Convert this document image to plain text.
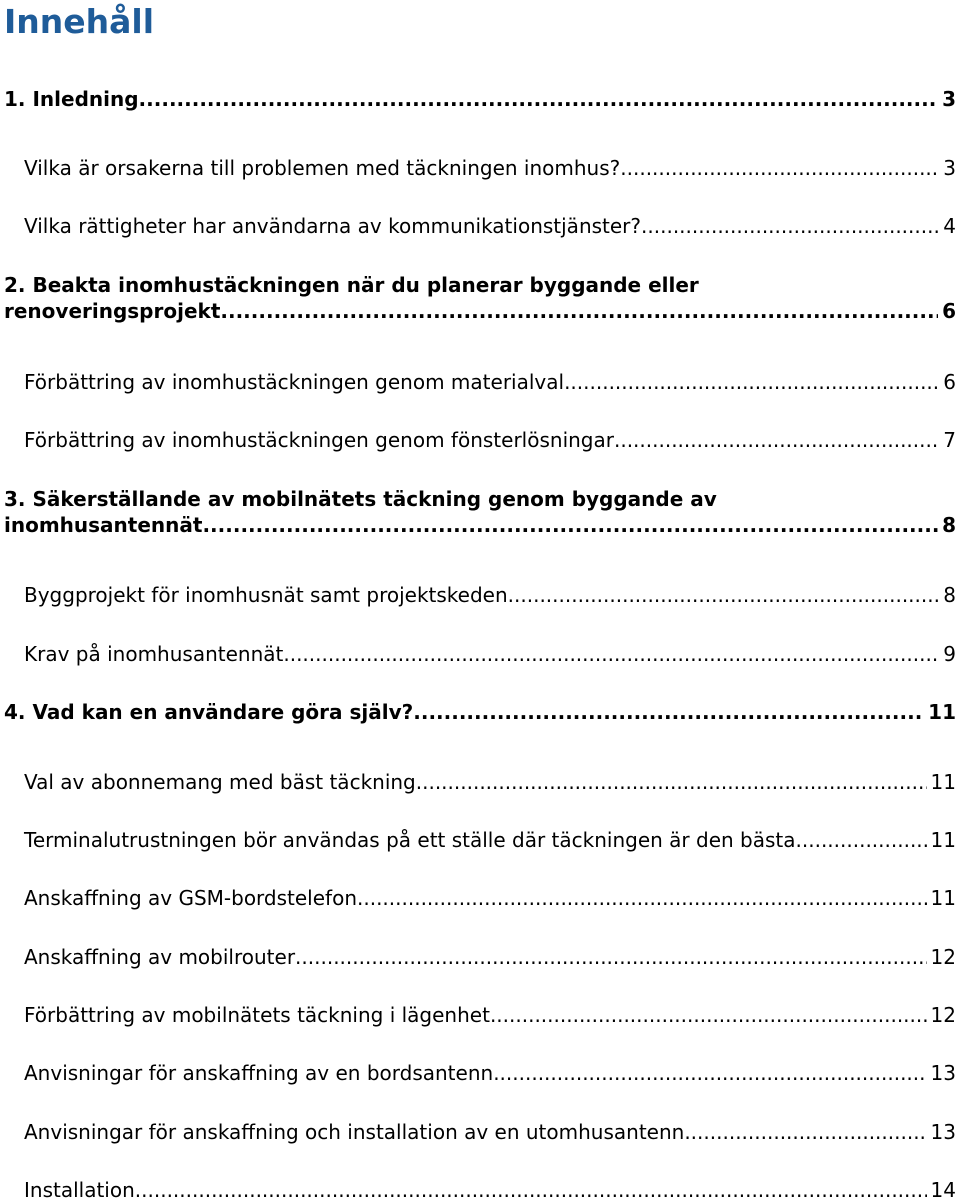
Innehåll
1. Inledning .....	3
Vilka är orsakerna till problemen med täckningen inomhus? .....	3
Vilka rättigheter har användarna av kommunikationstjänster? .....	4
2. Beakta inomhustäckningen när du planerar byggande eller
renoveringsprojekt .....	6
Förbättring av inomhustäckningen genom materialval .....	6
Förbättring av inomhustäckningen genom fönsterlösningar .....	7
3. Säkerställande av mobilnätets täckning genom byggande av
inomhusantennät .....	8
Byggprojekt för inomhusnät samt projektskeden .....	8
Krav på inomhusantennät .....	9
4. Vad kan en användare göra själv? .....	11
Val av abonnemang med bäst täckning .....	11
Terminalutrustningen bör användas på ett ställe där täckningen är den bästa .....	11
Anskaffning av GSM-bordstelefon .....	11
Anskaffning av mobilrouter .....	12
Förbättring av mobilnätets täckning i lägenhet .....	12
Anvisningar för anskaffning av en bordsantenn .....	13
Anvisningar för anskaffning och installation av en utomhusantenn .....	13
Installation .....	14
